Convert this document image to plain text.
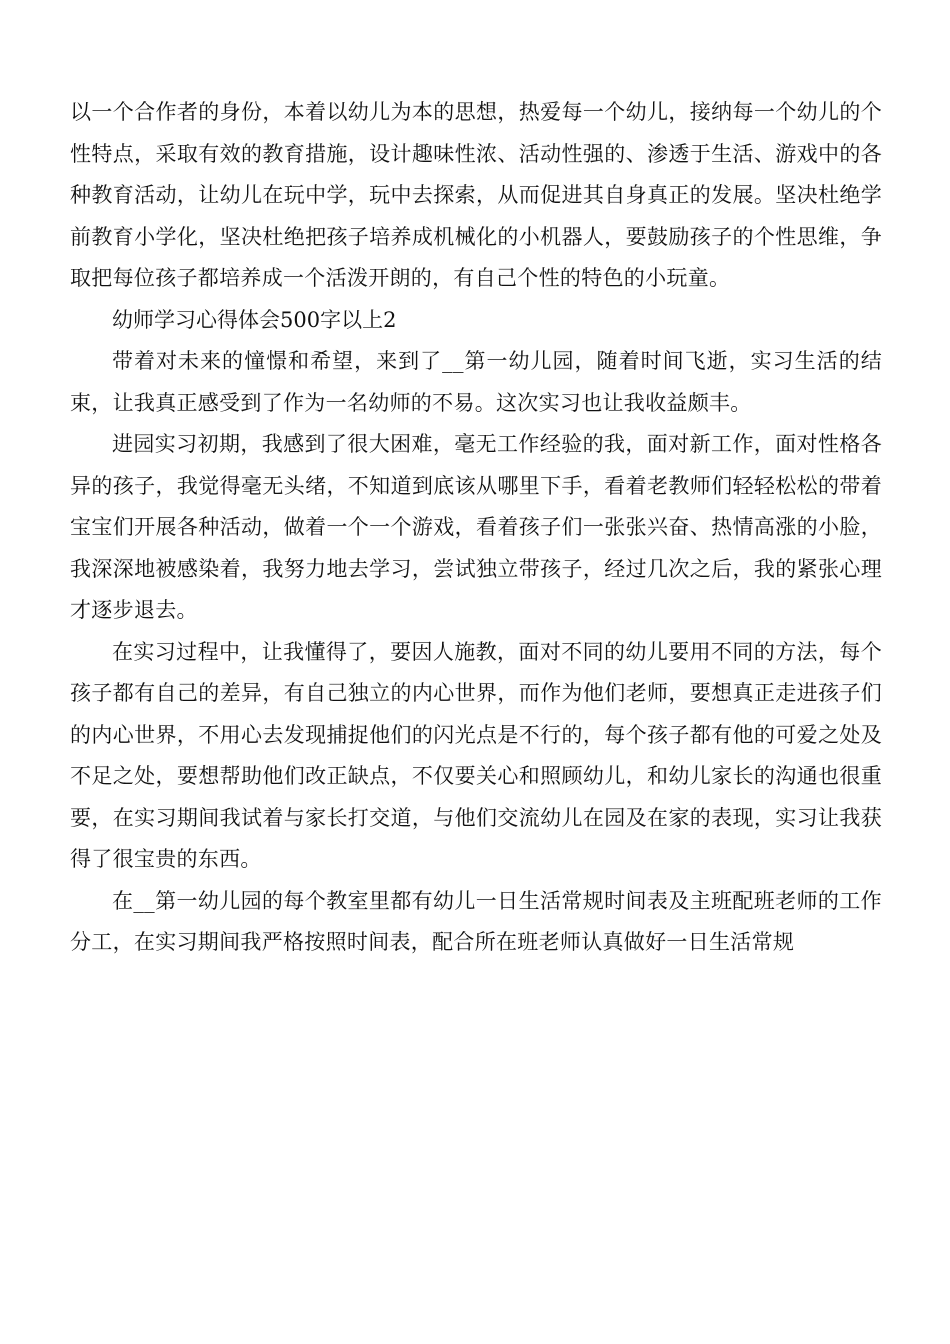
以一个合作者的身份，本着以幼儿为本的思想，热爱每一个幼儿，接纳每一个幼儿的个性特点，采取有效的教育措施，设计趣味性浓、活动性强的、渗透于生活、游戏中的各种教育活动，让幼儿在玩中学，玩中去探索，从而促进其自身真正的发展。坚决杜绝学前教育小学化，坚决杜绝把孩子培养成机械化的小机器人，要鼓励孩子的个性思维，争取把每位孩子都培养成一个活泼开朗的，有自己个性的特色的小玩童。

幼师学习心得体会500字以上2

带着对未来的憧憬和希望，来到了__第一幼儿园，随着时间飞逝，实习生活的结束，让我真正感受到了作为一名幼师的不易。这次实习也让我收益颇丰。

进园实习初期，我感到了很大困难，毫无工作经验的我，面对新工作，面对性格各异的孩子，我觉得毫无头绪，不知道到底该从哪里下手，看着老教师们轻轻松松的带着宝宝们开展各种活动，做着一个一个游戏，看着孩子们一张张兴奋、热情高涨的小脸，我深深地被感染着，我努力地去学习，尝试独立带孩子，经过几次之后，我的紧张心理才逐步退去。

在实习过程中，让我懂得了，要因人施教，面对不同的幼儿要用不同的方法，每个孩子都有自己的差异，有自己独立的内心世界，而作为他们老师，要想真正走进孩子们的内心世界，不用心去发现捕捉他们的闪光点是不行的，每个孩子都有他的可爱之处及不足之处，要想帮助他们改正缺点，不仅要关心和照顾幼儿，和幼儿家长的沟通也很重要，在实习期间我试着与家长打交道，与他们交流幼儿在园及在家的表现，实习让我获得了很宝贵的东西。

在__第一幼儿园的每个教室里都有幼儿一日生活常规时间表及主班配班老师的工作分工，在实习期间我严格按照时间表，配合所在班老师认真做好一日生活常规
